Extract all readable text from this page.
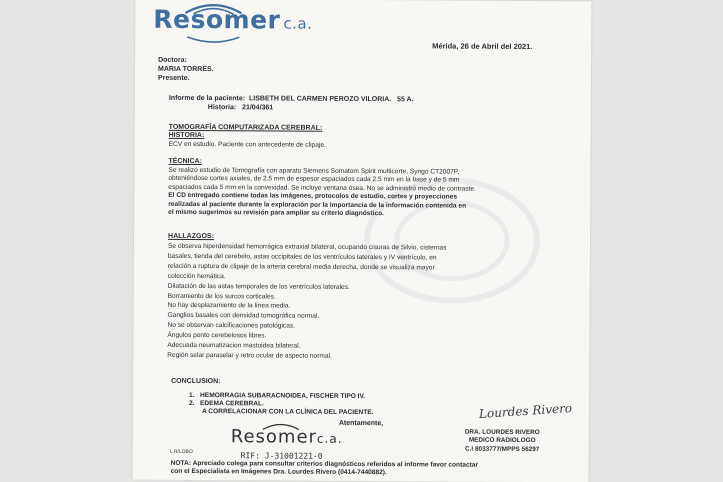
Resomer c.a.
Mérida, 26 de Abril del 2021.
Doctora:
MARIA TORRES.
Presente.
Informe de la paciente: LISBETH DEL CARMEN PEROZO VILORIA. 55 A.
Historia: 21/04/361
TOMOGRAFÍA COMPUTARIZADA CEREBRAL:
HISTORIA:
ECV en estudio. Paciente con antecedente de clipaje.
TÉCNICA:
Se realizó estudio de Tomografía con aparato Siemens Somatom Spirit multicorte, Syngo CT2007P,
obteniéndose cortes axiales, de 2.5 mm de espesor espaciados cada 2.5 mm en la base y de 5 mm
espaciados cada 5 mm en la convexidad. Se incluye ventana ósea. No se administró medio de contraste.
El CD entregado contiene todas las imágenes, protocolos de estudio, cortes y proyecciones
realizadas al paciente durante la exploración por la importancia de la información contenida en
el mismo sugerimos su revisión para ampliar su criterio diagnóstico.
HALLAZGOS:
Se observa hiperdensidad hemorrágica extraxial bilateral, ocupando cisuras de Silvio, cisternas
basales, tienda del cerebelo, astas occipitales de los ventrículos laterales y IV ventrículo, en
relación a ruptura de clipaje de la arteria cerebral media derecha, donde se visualiza mayor
colección hemática.
Dilatación de las astas temporales de los ventrículos laterales.
Borramiento de los surcos corticales.
No hay desplazamiento de la línea media.
Ganglios basales con densidad tomográfica normal.
No se observan calcificaciones patológicas.
Ángulos ponto cerebelosos libres.
Adecuada neumatizacion mastoidea bilateral.
Región selar paraselar y retro ocular de aspecto normal.
CONCLUSION:
1. HEMORRAGIA SUBARACNOIDEA, FISCHER TIPO IV.
2. EDEMA CEREBRAL.
A CORRELACIONAR CON LA CLÍNICA DEL PACIENTE.
Atentamente,
Lourdes Rivero
DRA. LOURDES RIVERO
MEDICO RADIOLOGO
C.I 8033777/MPPS 56297
Resomerc.a.
RIF: J-31001221-0
L.R/LOBO
NOTA: Apreciado colega para consultar criterios diagnósticos referidos al informe favor contactar
con el Especialista en Imágenes Dra. Lourdes Rivero (0414-7440882).
